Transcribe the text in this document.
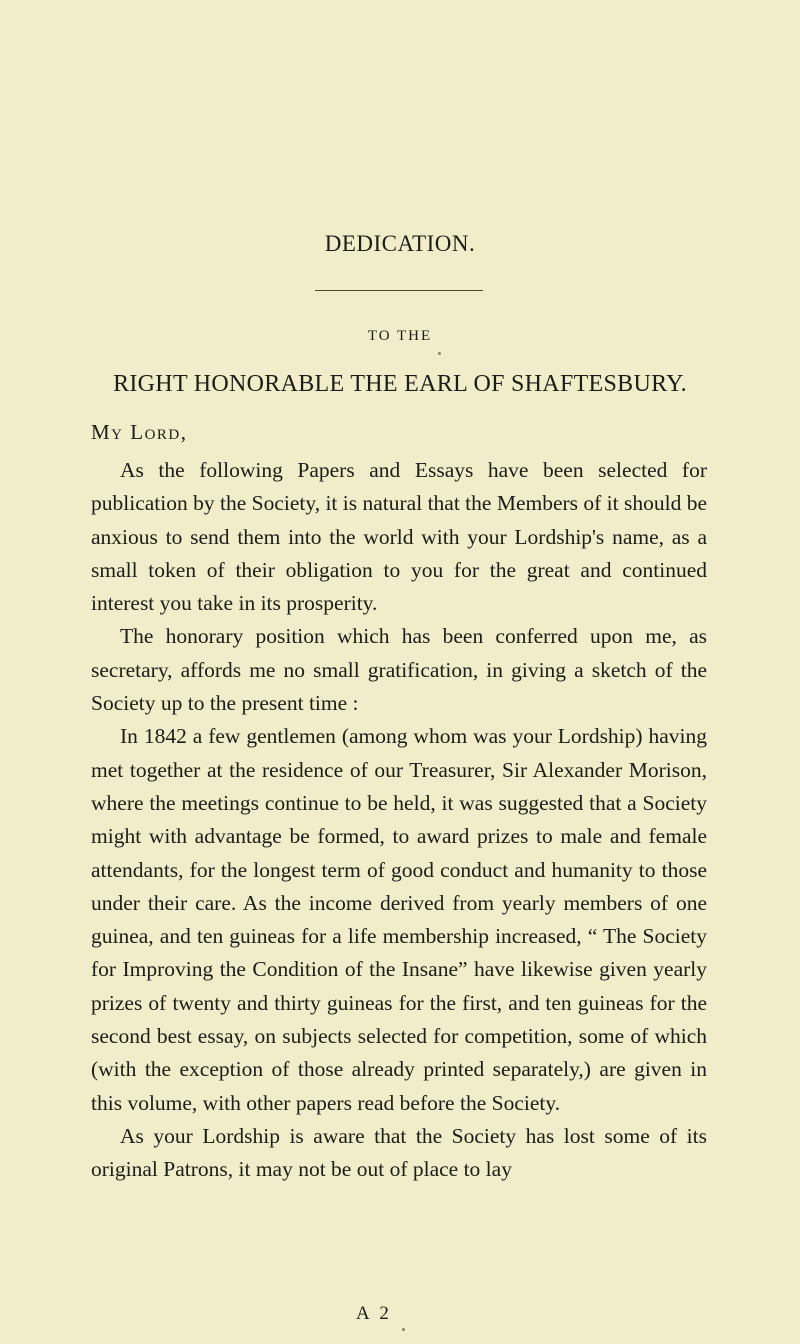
DEDICATION.
TO THE
RIGHT HONORABLE THE EARL OF SHAFTESBURY.
My Lord,

As the following Papers and Essays have been selected for publication by the Society, it is natural that the Members of it should be anxious to send them into the world with your Lordship's name, as a small token of their obligation to you for the great and continued interest you take in its prosperity.

The honorary position which has been conferred upon me, as secretary, affords me no small gratification, in giving a sketch of the Society up to the present time :

In 1842 a few gentlemen (among whom was your Lordship) having met together at the residence of our Treasurer, Sir Alexander Morison, where the meetings continue to be held, it was suggested that a Society might with advantage be formed, to award prizes to male and female attendants, for the longest term of good conduct and humanity to those under their care. As the income derived from yearly members of one guinea, and ten guineas for a life membership increased, “ The Society for Improving the Condition of the Insane” have likewise given yearly prizes of twenty and thirty guineas for the first, and ten guineas for the second best essay, on subjects selected for competition, some of which (with the exception of those already printed separately,) are given in this volume, with other papers read before the Society.

As your Lordship is aware that the Society has lost some of its original Patrons, it may not be out of place to lay

A 2
